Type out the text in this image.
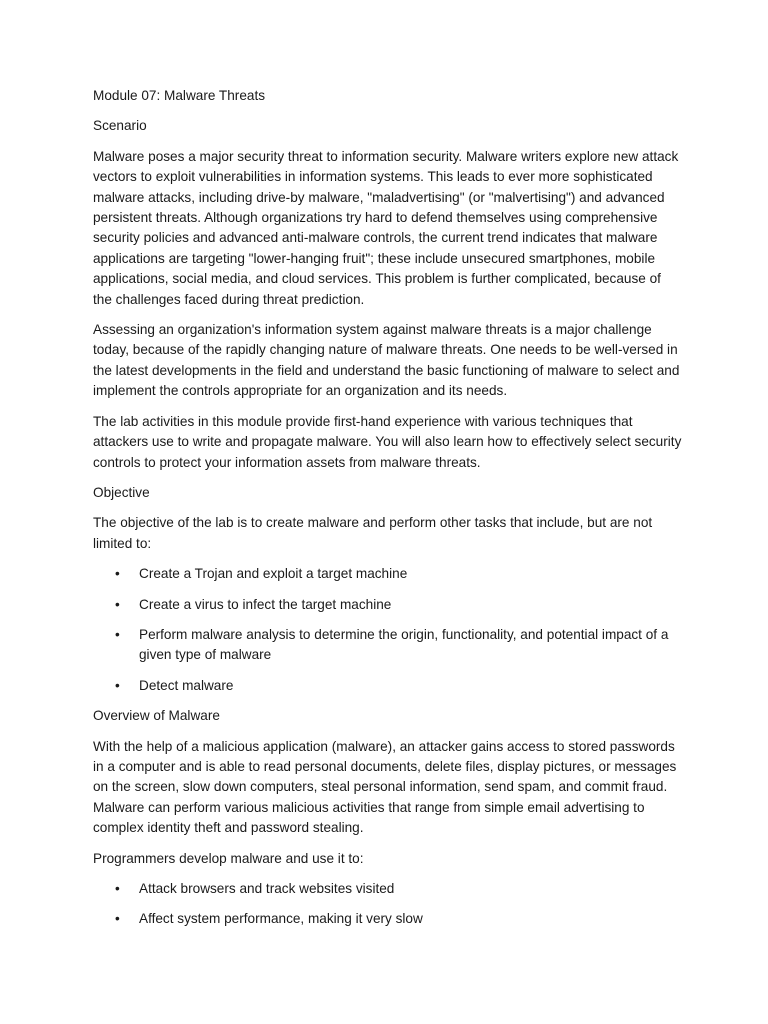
Module 07: Malware Threats
Scenario
Malware poses a major security threat to information security. Malware writers explore new attack vectors to exploit vulnerabilities in information systems. This leads to ever more sophisticated malware attacks, including drive-by malware, "maladvertising" (or "malvertising") and advanced persistent threats. Although organizations try hard to defend themselves using comprehensive security policies and advanced anti-malware controls, the current trend indicates that malware applications are targeting "lower-hanging fruit"; these include unsecured smartphones, mobile applications, social media, and cloud services. This problem is further complicated, because of the challenges faced during threat prediction.
Assessing an organization's information system against malware threats is a major challenge today, because of the rapidly changing nature of malware threats. One needs to be well-versed in the latest developments in the field and understand the basic functioning of malware to select and implement the controls appropriate for an organization and its needs.
The lab activities in this module provide first-hand experience with various techniques that attackers use to write and propagate malware. You will also learn how to effectively select security controls to protect your information assets from malware threats.
Objective
The objective of the lab is to create malware and perform other tasks that include, but are not limited to:
• Create a Trojan and exploit a target machine
• Create a virus to infect the target machine
• Perform malware analysis to determine the origin, functionality, and potential impact of a given type of malware
• Detect malware
Overview of Malware
With the help of a malicious application (malware), an attacker gains access to stored passwords in a computer and is able to read personal documents, delete files, display pictures, or messages on the screen, slow down computers, steal personal information, send spam, and commit fraud. Malware can perform various malicious activities that range from simple email advertising to complex identity theft and password stealing.
Programmers develop malware and use it to:
• Attack browsers and track websites visited
• Affect system performance, making it very slow
